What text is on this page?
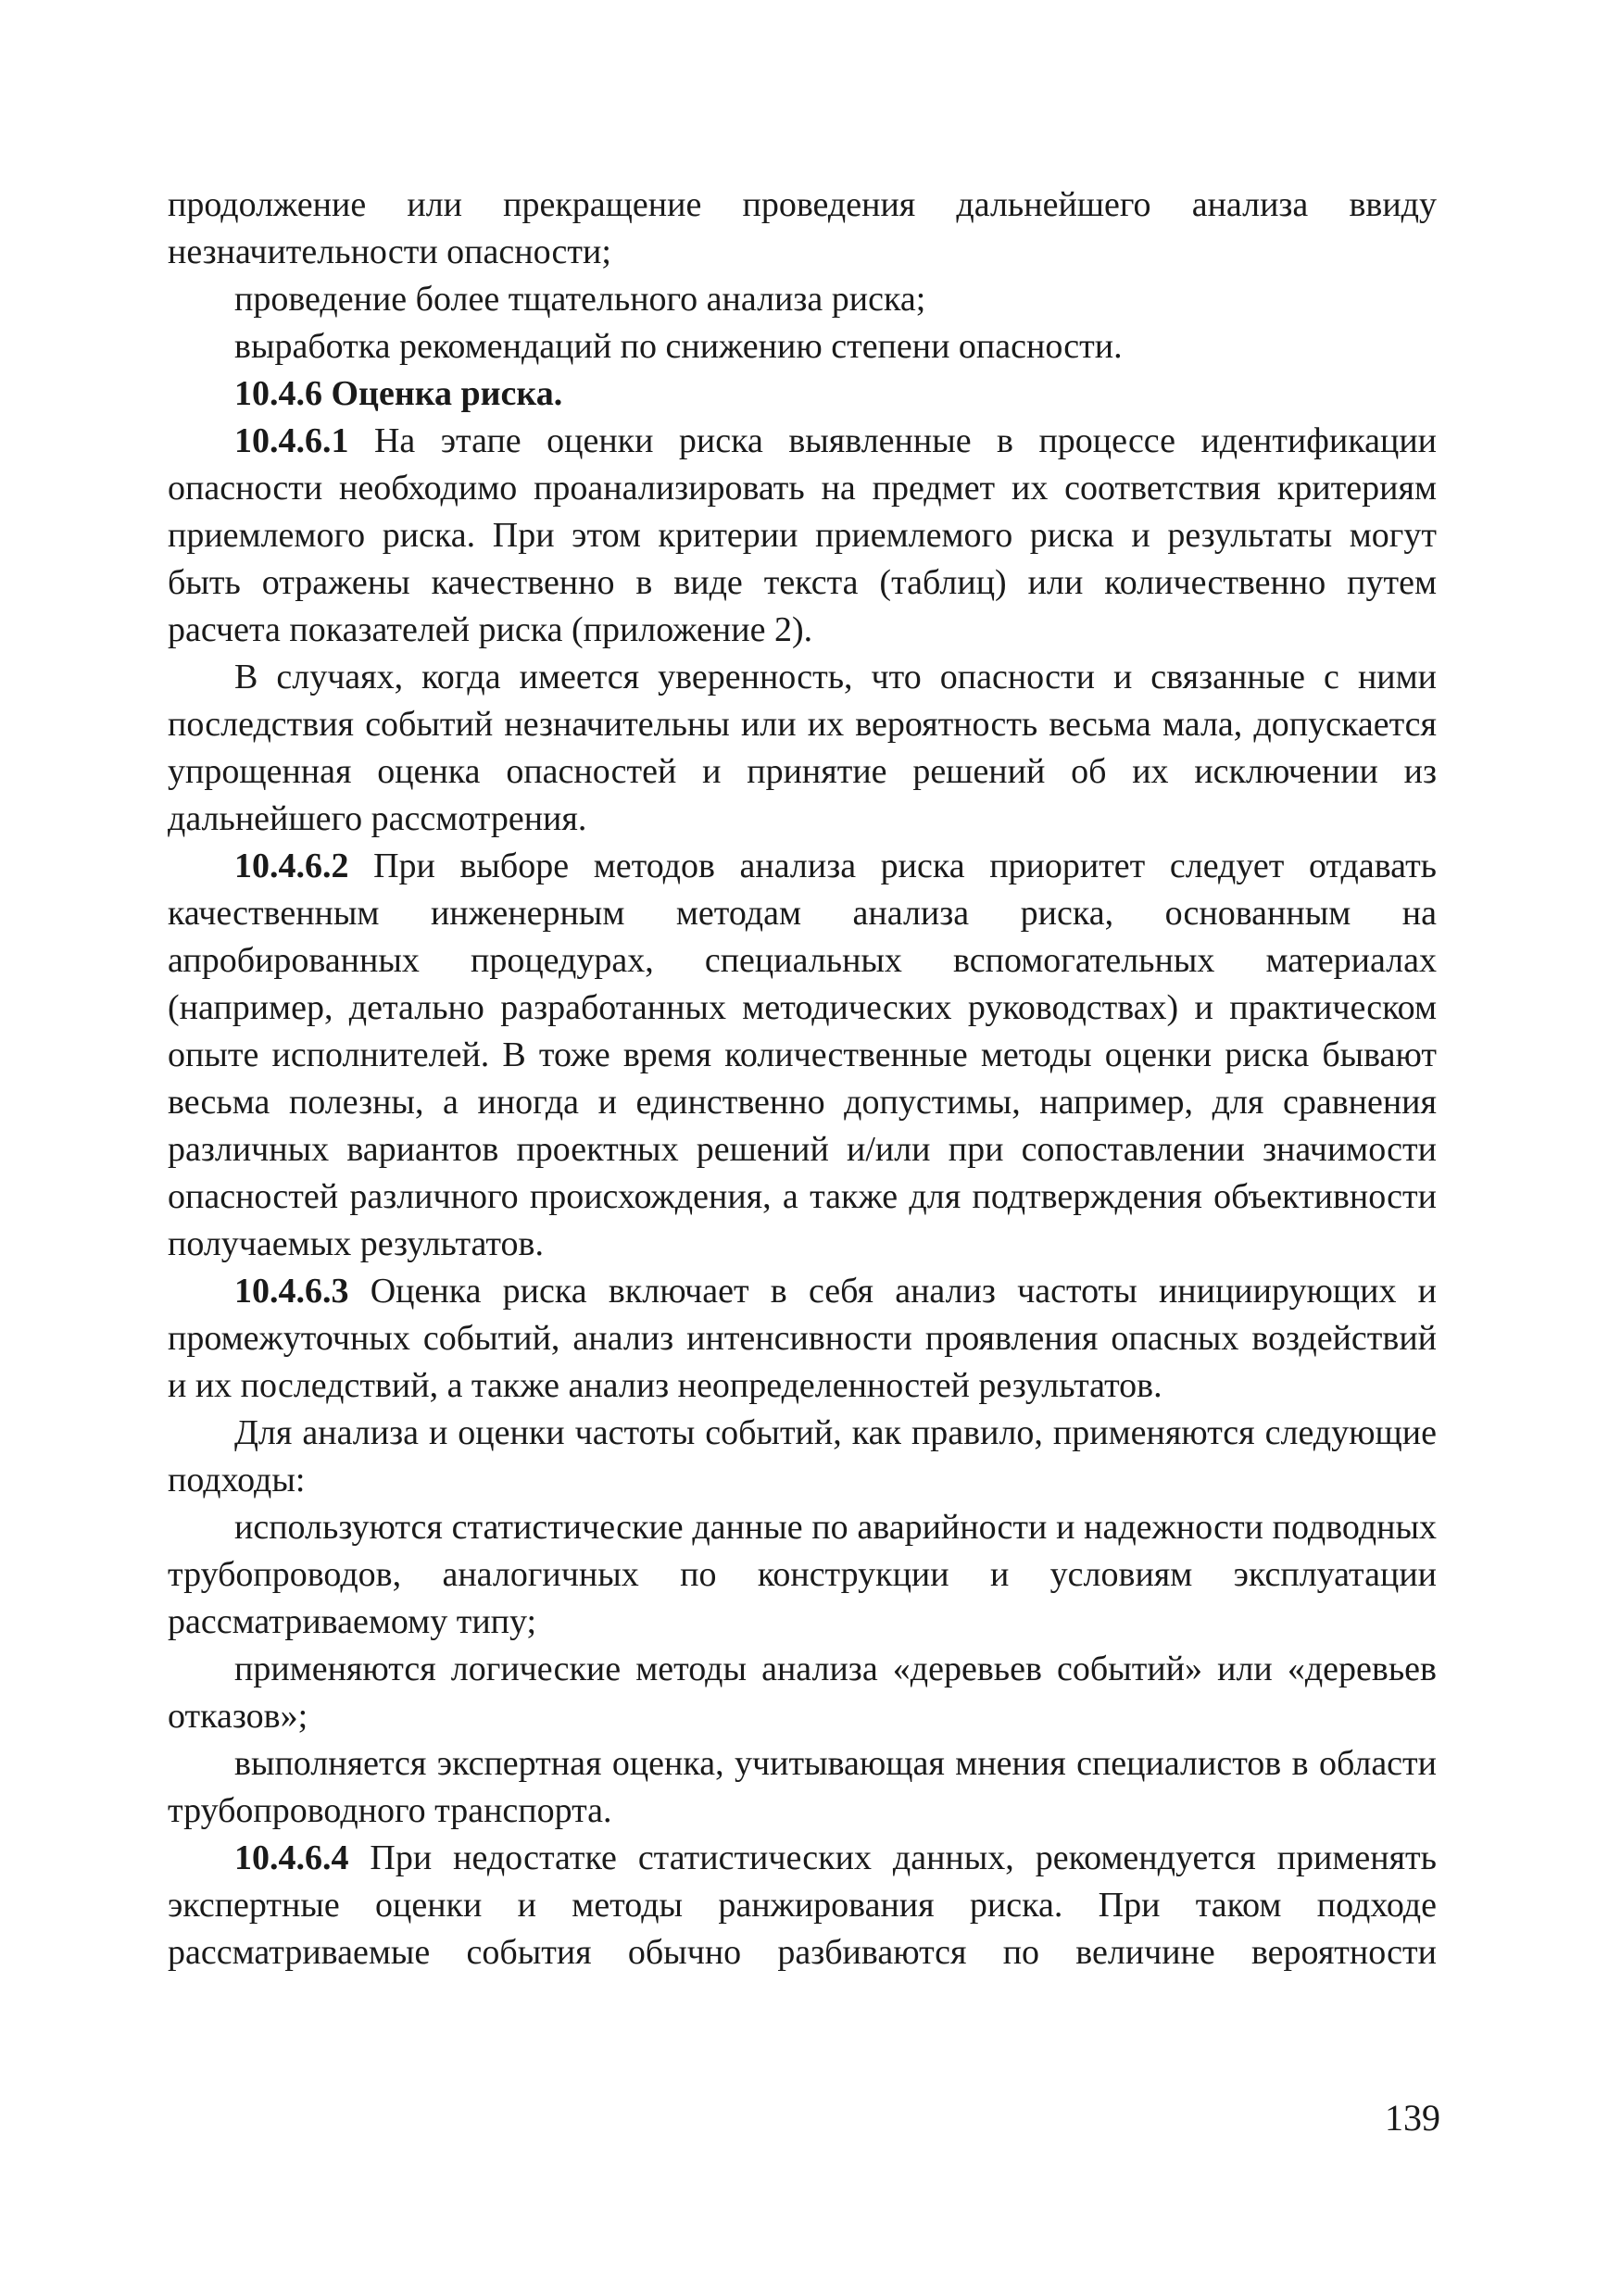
продолжение или прекращение проведения дальнейшего анализа ввиду незначительности опасности;

проведение более тщательного анализа риска;

выработка рекомендаций по снижению степени опасности.

10.4.6 Оценка риска.

10.4.6.1 На этапе оценки риска выявленные в процессе идентификации опасности необходимо проанализировать на предмет их соответствия критериям приемлемого риска. При этом критерии приемлемого риска и результаты могут быть отражены качественно в виде текста (таблиц) или количественно путем расчета показателей риска (приложение 2).

В случаях, когда имеется уверенность, что опасности и связанные с ними последствия событий незначительны или их вероятность весьма мала, допускается упрощенная оценка опасностей и принятие решений об их исключении из дальнейшего рассмотрения.

10.4.6.2 При выборе методов анализа риска приоритет следует отдавать качественным инженерным методам анализа риска, основанным на апробированных процедурах, специальных вспомогательных материалах (например, детально разработанных методических руководствах) и практическом опыте исполнителей. В тоже время количественные методы оценки риска бывают весьма полезны, а иногда и единственно допустимы, например, для сравнения различных вариантов проектных решений и/или при сопоставлении значимости опасностей различного происхождения, а также для подтверждения объективности получаемых результатов.

10.4.6.3 Оценка риска включает в себя анализ частоты инициирующих и промежуточных событий, анализ интенсивности проявления опасных воздействий и их последствий, а также анализ неопределенностей результатов.

Для анализа и оценки частоты событий, как правило, применяются следующие подходы:

используются статистические данные по аварийности и надежности подводных трубопроводов, аналогичных по конструкции и условиям эксплуатации рассматриваемому типу;

применяются логические методы анализа «деревьев событий» или «деревьев отказов»;

выполняется экспертная оценка, учитывающая мнения специалистов в области трубопроводного транспорта.

10.4.6.4 При недостатке статистических данных, рекомендуется применять экспертные оценки и методы ранжирования риска. При таком подходе рассматриваемые события обычно разбиваются по величине вероятности

139
